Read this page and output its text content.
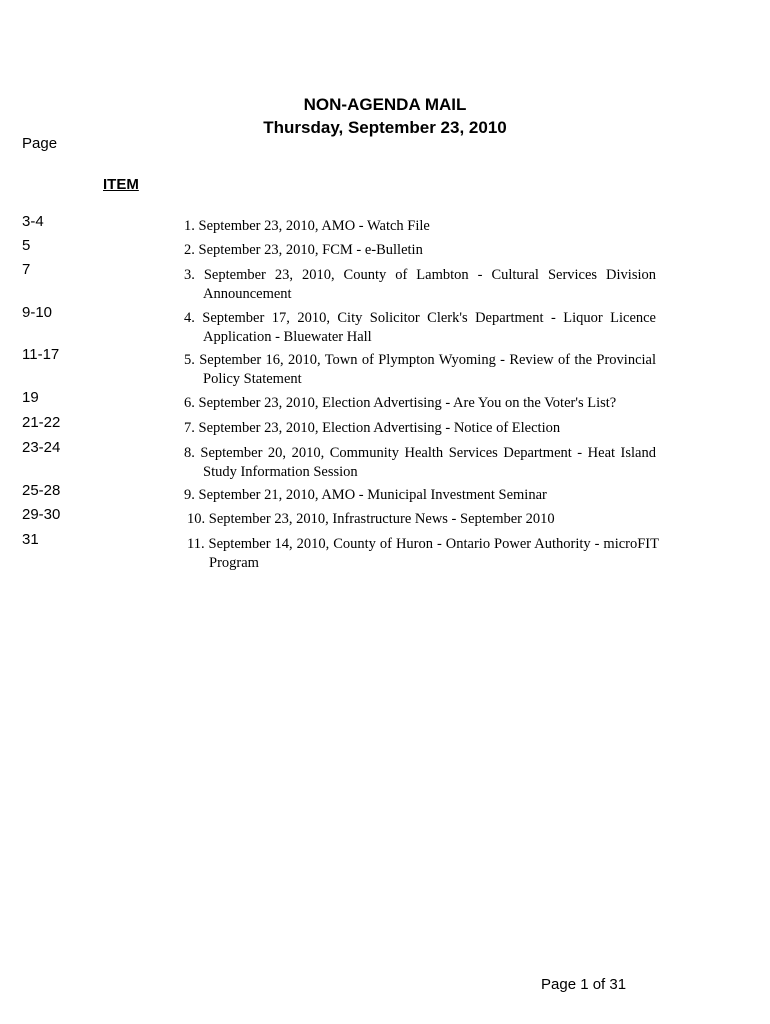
NON-AGENDA MAIL
Thursday, September 23, 2010
Page
ITEM
3-4
5
7
9-10
11-17
19
21-22
23-24
25-28
29-30
31
1. September 23, 2010, AMO - Watch File
2. September 23, 2010, FCM - e-Bulletin
3. September 23, 2010, County of Lambton - Cultural Services Division Announcement
4. September 17, 2010, City Solicitor Clerk's Department - Liquor Licence Application - Bluewater Hall
5. September 16, 2010, Town of Plympton Wyoming - Review of the Provincial Policy Statement
6. September 23, 2010, Election Advertising - Are You on the Voter's List?
7. September 23, 2010, Election Advertising - Notice of Election
8. September 20, 2010, Community Health Services Department - Heat Island Study Information Session
9. September 21, 2010, AMO - Municipal Investment Seminar
10. September 23, 2010, Infrastructure News - September 2010
11. September 14, 2010, County of Huron - Ontario Power Authority - microFIT Program
Page 1 of 31
